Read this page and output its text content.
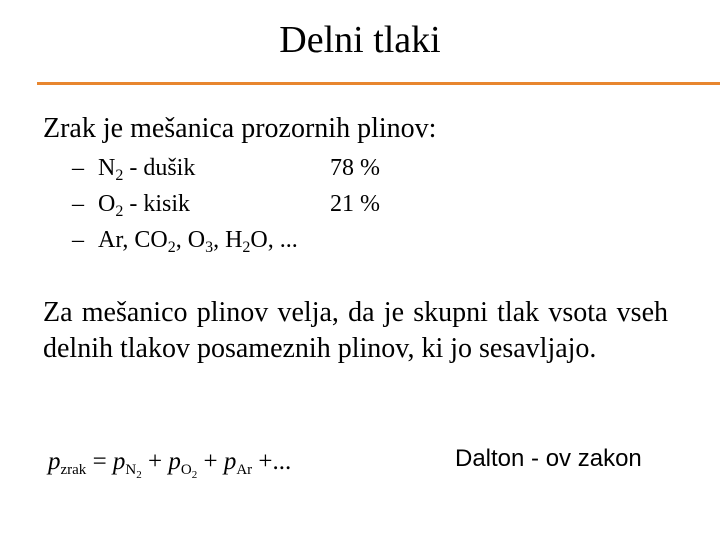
Delni tlaki
Zrak je mešanica prozornih plinov:
– $N_2$ - dušik	78 %
– $O_2$ - kisik	21 %
– Ar, $CO_2$, $O_3$, $H_2O$, ...
Za mešanico plinov velja, da je skupni tlak vsota vseh delnih tlakov posameznih plinov, ki jo sesavljajo.
$p_{zrak} = p_{N_2} + p_{O_2} + p_{Ar}$ +...	Dalton - ov zakon
